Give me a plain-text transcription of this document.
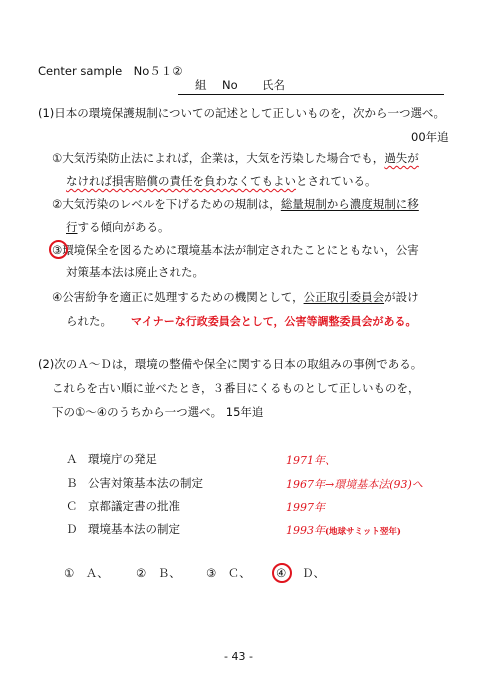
Center sample　No５１②
組 No 氏名
(1)日本の環境保護規制についての記述として正しいものを，次から一つ選べ。
00年追
①大気汚染防止法によれば，企業は，大気を汚染した場合でも，過失が
なければ損害賠償の責任を負わなくてもよいとされている。
②大気汚染のレベルを下げるための規制は，総量規制から濃度規制に移
行する傾向がある。
③環境保全を図るために環境基本法が制定されたことにともない，公害
対策基本法は廃止された。
④公害紛争を適正に処理するための機関として，公正取引委員会が設け
られた。 マイナーな行政委員会として，公害等調整委員会がある。
(2)次のＡ～Ｄは，環境の整備や保全に関する日本の取組みの事例である。
これらを古い順に並べたとき，３番目にくるものとして正しいものを，
下の①～④のうちから一つ選べ。 15年追
Ａ 環境庁の発足	1971年、
Ｂ 公害対策基本法の制定	1967年→環境基本法(93)へ
Ｃ 京都議定書の批准	1997年
Ｄ 環境基本法の制定	1993年(地球サミット翌年)
①　Ａ、 ②　Ｂ、 ③　Ｃ、 ④ Ｄ、
- 43 -
